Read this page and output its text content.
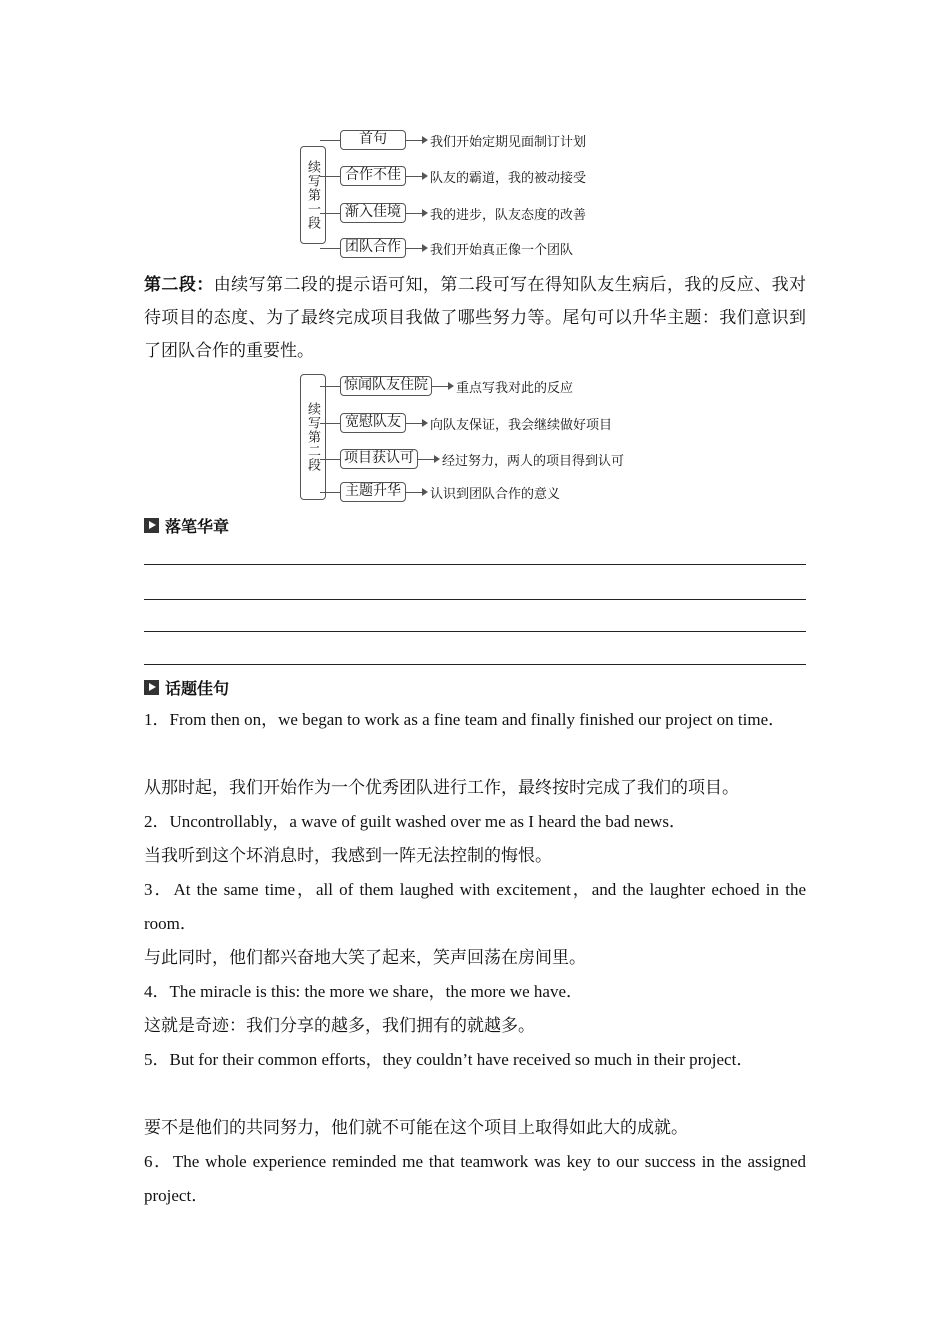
续写第一段
首句	我们开始定期见面制订计划
合作不佳	队友的霸道，我的被动接受
渐入佳境	我的进步，队友态度的改善
团队合作	我们开始真正像一个团队
第二段：由续写第二段的提示语可知，第二段可写在得知队友生病后，我的反应、我对待项目的态度、为了最终完成项目我做了哪些努力等。尾句可以升华主题：我们意识到了团队合作的重要性。
续写第二段
惊闻队友住院	重点写我对此的反应
宽慰队友	向队友保证，我会继续做好项目
项目获认可	经过努力，两人的项目得到认可
主题升华	认识到团队合作的意义
落笔华章
话题佳句
1．From then on，we began to work as a fine team and finally finished our project on time．
从那时起，我们开始作为一个优秀团队进行工作，最终按时完成了我们的项目。
2．Uncontrollably，a wave of guilt washed over me as I heard the bad news．
当我听到这个坏消息时，我感到一阵无法控制的悔恨。
3．At the same time，all of them laughed with excitement，and the laughter echoed in the room．
与此同时，他们都兴奋地大笑了起来，笑声回荡在房间里。
4．The miracle is this: the more we share，the more we have．
这就是奇迹：我们分享的越多，我们拥有的就越多。
5．But for their common efforts，they couldn’t have received so much in their project．
要不是他们的共同努力，他们就不可能在这个项目上取得如此大的成就。
6．The whole experience reminded me that teamwork was key to our success in the assigned project．
